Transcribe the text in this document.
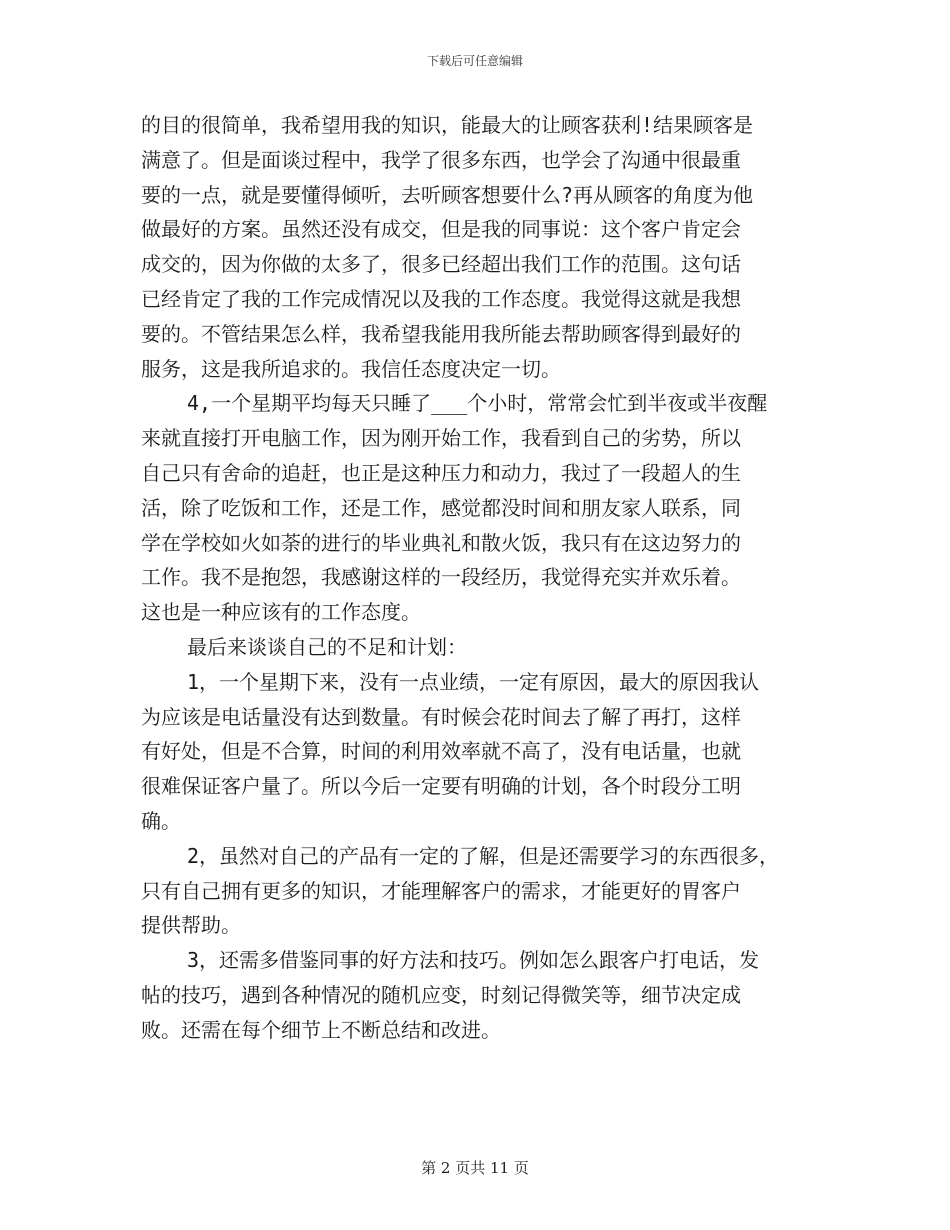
下载后可任意编辑
的目的很简单，我希望用我的知识，能最大的让顾客获利!结果顾客是
满意了。但是面谈过程中，我学了很多东西，也学会了沟通中很最重
要的一点，就是要懂得倾听，去听顾客想要什么?再从顾客的角度为他
做最好的方案。虽然还没有成交，但是我的同事说：这个客户肯定会
成交的，因为你做的太多了，很多已经超出我们工作的范围。这句话
已经肯定了我的工作完成情况以及我的工作态度。我觉得这就是我想
要的。不管结果怎么样，我希望我能用我所能去帮助顾客得到最好的
服务，这是我所追求的。我信任态度决定一切。
4,一个星期平均每天只睡了___个小时，常常会忙到半夜或半夜醒
来就直接打开电脑工作，因为刚开始工作，我看到自己的劣势，所以
自己只有舍命的追赶，也正是这种压力和动力，我过了一段超人的生
活，除了吃饭和工作，还是工作，感觉都没时间和朋友家人联系，同
学在学校如火如荼的进行的毕业典礼和散火饭，我只有在这边努力的
工作。我不是抱怨，我感谢这样的一段经历，我觉得充实并欢乐着。
这也是一种应该有的工作态度。
最后来谈谈自己的不足和计划：
1，一个星期下来，没有一点业绩，一定有原因，最大的原因我认
为应该是电话量没有达到数量。有时候会花时间去了解了再打，这样
有好处，但是不合算，时间的利用效率就不高了，没有电话量，也就
很难保证客户量了。所以今后一定要有明确的计划，各个时段分工明
确。
2，虽然对自己的产品有一定的了解，但是还需要学习的东西很多，
只有自己拥有更多的知识，才能理解客户的需求，才能更好的胃客户
提供帮助。
3，还需多借鉴同事的好方法和技巧。例如怎么跟客户打电话，发
帖的技巧，遇到各种情况的随机应变，时刻记得微笑等，细节决定成
败。还需在每个细节上不断总结和改进。
第 2 页共 11 页
